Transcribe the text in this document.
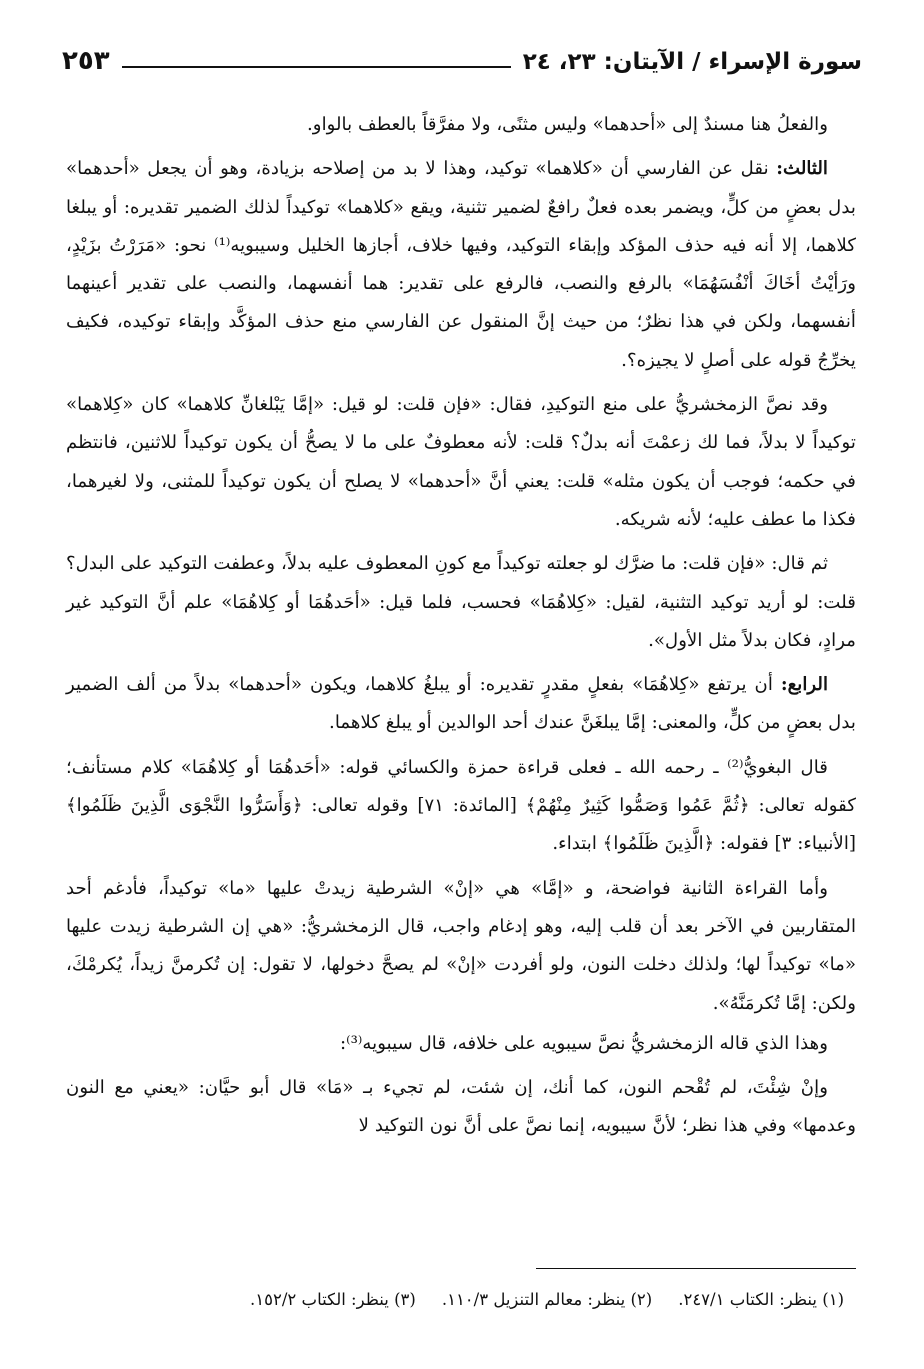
سورة الإسراء / الآيتان: ٢٣، ٢٤
٢٥٣

والفعلُ هنا مسندٌ إلى «أحدهما» وليس مثنًى، ولا مفرَّقاً بالعطف بالواو.

الثالث: نقل عن الفارسي أن «كلاهما» توكيد، وهذا لا بد من إصلاحه بزيادة، وهو أن يجعل «أحدهما» بدل بعضٍ من كلٍّ، ويضمر بعده فعلٌ رافعٌ لضمير تثنية، ويقع «كلاهما» توكيداً لذلك الضمير تقديره: أو يبلغا كلاهما، إلا أنه فيه حذف المؤكد وإبقاء التوكيد، وفيها خلاف، أجازها الخليل وسيبويه⁽¹⁾ نحو: «مَرَرْتُ بزَيْدٍ، ورَأيْتُ أخَاكَ أنْفُسَهُمَا» بالرفع والنصب، فالرفع على تقدير: هما أنفسهما، والنصب على تقدير أعينهما أنفسهما، ولكن في هذا نظرٌ؛ من حيث إنَّ المنقول عن الفارسي منع حذف المؤكَّد وإبقاء توكيده، فكيف يخرِّجُ قوله على أصلٍ لا يجيزه؟.

وقد نصَّ الزمخشريُّ على منع التوكيدِ، فقال: «فإن قلت: لو قيل: «إمَّا يَبْلغانِّ كلاهما» كان «كِلاهما» توكيداً لا بدلاً، فما لك زعمْتَ أنه بدلٌ؟ قلت: لأنه معطوفٌ على ما لا يصحُّ أن يكون توكيداً للاثنين، فانتظم في حكمه؛ فوجب أن يكون مثله» قلت: يعني أنَّ «أحدهما» لا يصلح أن يكون توكيداً للمثنى، ولا لغيرهما، فكذا ما عطف عليه؛ لأنه شريكه.

ثم قال: «فإن قلت: ما ضرَّك لو جعلته توكيداً مع كونِ المعطوف عليه بدلاً، وعطفت التوكيد على البدل؟ قلت: لو أريد توكيد التثنية، لقيل: «كِلاهُمَا» فحسب، فلما قيل: «أحَدهُمَا أو كِلاهُمَا» علم أنَّ التوكيد غير مرادٍ، فكان بدلاً مثل الأول».

الرابع: أن يرتفع «كِلاهُمَا» بفعلٍ مقدرٍ تقديره: أو يبلغُ كلاهما، ويكون «أحدهما» بدلاً من ألف الضمير بدل بعضٍ من كلٍّ، والمعنى: إمَّا يبلغَنَّ عندك أحد الوالدين أو يبلغ كلاهما.

قال البغويُّ⁽²⁾ ـ رحمه الله ـ فعلى قراءة حمزة والكسائي قوله: «أحَدهُمَا أو كِلاهُمَا» كلام مستأنف؛ كقوله تعالى: ﴿ثُمَّ عَمُوا وَصَمُّوا كَثِيرٌ مِنْهُمْ﴾ [المائدة: ٧١] وقوله تعالى: ﴿وَأَسَرُّوا النَّجْوَى الَّذِينَ ظَلَمُوا﴾ [الأنبياء: ٣] فقوله: ﴿الَّذِينَ ظَلَمُوا﴾ ابتداء.

وأما القراءة الثانية فواضحة، و «إمَّا» هي «إنْ» الشرطية زيدتْ عليها «ما» توكيداً، فأدغم أحد المتقاربين في الآخر بعد أن قلب إليه، وهو إدغام واجب، قال الزمخشريُّ: «هي إن الشرطية زيدت عليها «ما» توكيداً لها؛ ولذلك دخلت النون، ولو أفردت «إنْ» لم يصحَّ دخولها، لا تقول: إن تُكرمنَّ زيداً، يُكرمْكَ، ولكن: إمَّا تُكرمَنَّهُ».

وهذا الذي قاله الزمخشريُّ نصَّ سيبويه على خلافه، قال سيبويه⁽³⁾:

وإنْ شِئْتَ، لم تُقْحم النون، كما أنك، إن شئت، لم تجيء بـ «مَا» قال أبو حيَّان: «يعني مع النون وعدمها» وفي هذا نظر؛ لأنَّ سيبويه، إنما نصَّ على أنَّ نون التوكيد لا

(١) ينظر: الكتاب ٢٤٧/١.
(٢) ينظر: معالم التنزيل ١١٠/٣.
(٣) ينظر: الكتاب ١٥٢/٢.
